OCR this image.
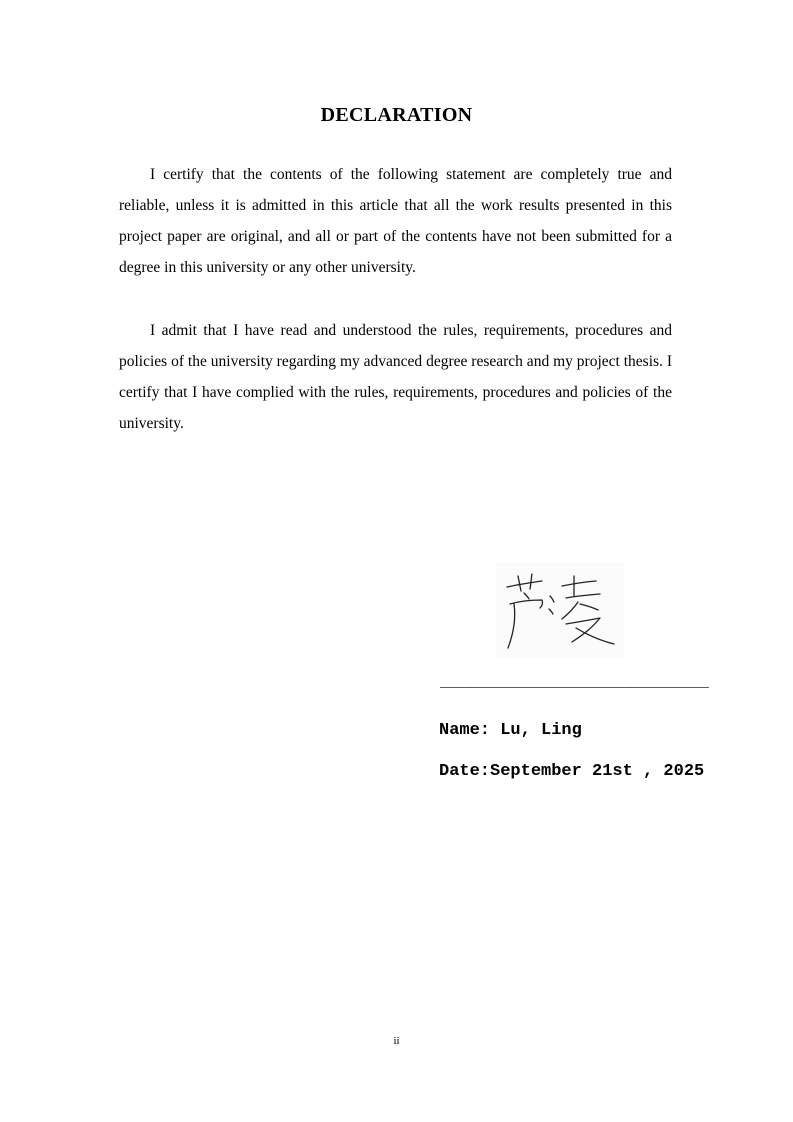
DECLARATION

I certify that the contents of the following statement are completely true and reliable, unless it is admitted in this article that all the work results presented in this project paper are original, and all or part of the contents have not been submitted for a degree in this university or any other university.

I admit that I have read and understood the rules, requirements, procedures and policies of the university regarding my advanced degree research and my project thesis. I certify that I have complied with the rules, requirements, procedures and policies of the university.

________________________________

Name: Lu, Ling

Date:September 21st , 2025

ii
